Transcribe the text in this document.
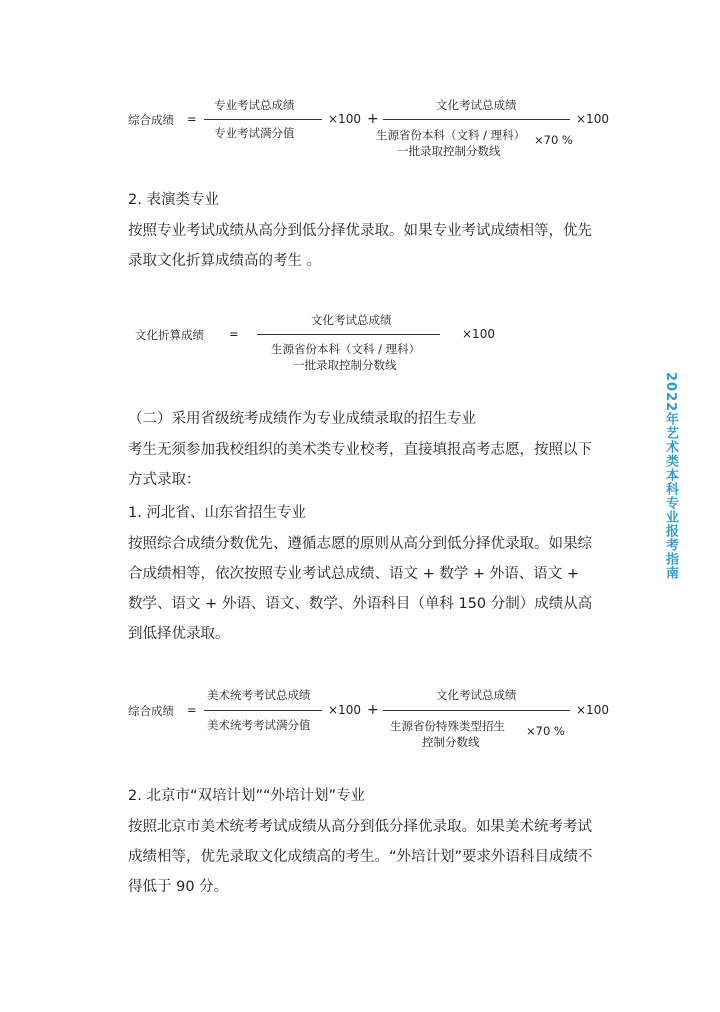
2022年艺术类本科专业报考指南
综合成绩 =
专业考试总成绩
专业考试满分值
×100 +
文化考试总成绩
生源省份本科（文科 / 理科） ×70 %
一批录取控制分数线
×100
2. 表演类专业
按照专业考试成绩从高分到低分择优录取。如果专业考试成绩相等，优先录取文化折算成绩高的考生 。
文化折算成绩 =
文化考试总成绩
生源省份本科（文科 / 理科）
一批录取控制分数线
×100
（二）采用省级统考成绩作为专业成绩录取的招生专业
考生无须参加我校组织的美术类专业校考，直接填报高考志愿，按照以下方式录取：
1. 河北省、山东省招生专业
按照综合成绩分数优先、遵循志愿的原则从高分到低分择优录取。如果综合成绩相等，依次按照专业考试总成绩、语文 + 数学 + 外语、语文 + 数学、语文 + 外语、语文、数学、外语科目（单科 150 分制）成绩从高到低择优录取。
综合成绩 =
美术统考考试总成绩
美术统考考试满分值
×100 +
文化考试总成绩
生源省份特殊类型招生 ×70 %
控制分数线
×100
2. 北京市“双培计划”“外培计划”专业
按照北京市美术统考考试成绩从高分到低分择优录取。如果美术统考考试成绩相等，优先录取文化成绩高的考生。“外培计划”要求外语科目成绩不得低于 90 分。
